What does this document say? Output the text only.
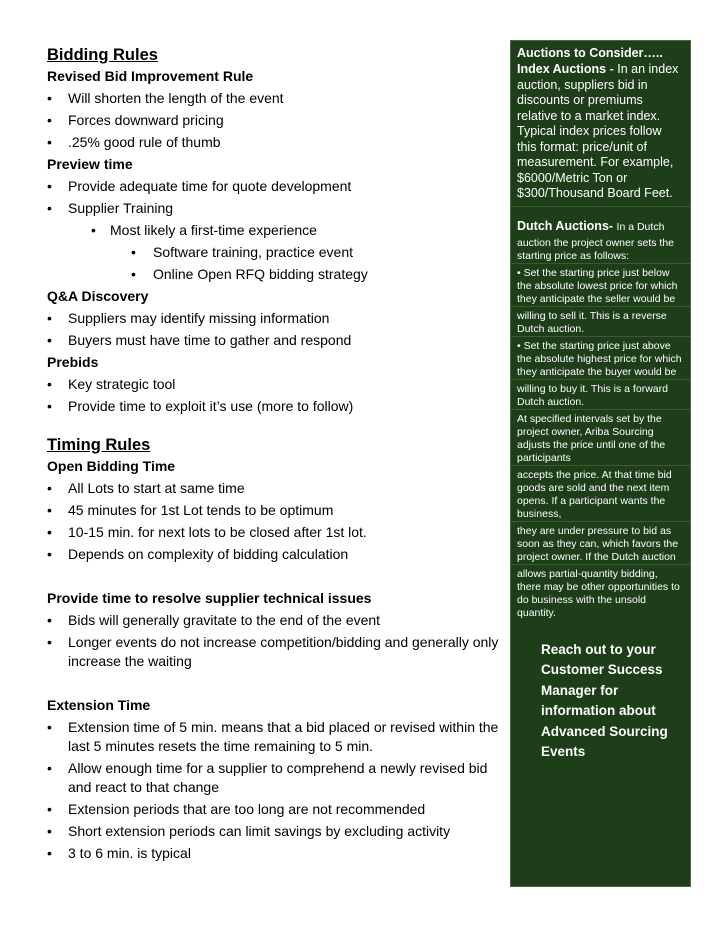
Bidding Rules
Revised Bid Improvement Rule
• Will shorten the length of the event
• Forces downward pricing
• .25% good rule of thumb
Preview time
• Provide adequate time for quote development
• Supplier Training
• Most likely a first-time experience
• Software training, practice event
• Online Open RFQ bidding strategy
Q&A Discovery
• Suppliers may identify missing information
• Buyers must have time to gather and respond
Prebids
• Key strategic tool
• Provide time to exploit it’s use (more to follow)
Timing Rules
Open Bidding Time
• All Lots to start at same time
• 45 minutes for 1st Lot tends to be optimum
• 10-15 min. for next lots to be closed after 1st lot.
• Depends on complexity of bidding calculation
Provide time to resolve supplier technical issues
• Bids will generally gravitate to the end of the event
• Longer events do not increase competition/bidding and generally only increase the waiting
Extension Time
• Extension time of 5 min. means that a bid placed or revised within the last 5 minutes resets the time remaining to 5 min.
• Allow enough time for a supplier to comprehend a newly revised bid and react to that change
• Extension periods that are too long are not recommended
• Short extension periods can limit savings by excluding activity
• 3 to 6 min. is typical
Auctions to Consider…..
Index Auctions - In an index auction, suppliers bid in discounts or premiums relative to a market index. Typical index prices follow this format: price/unit of measurement. For example, $6000/Metric Ton or $300/Thousand Board Feet.
Dutch Auctions- In a Dutch
auction the project owner sets the starting price as follows:
• Set the starting price just below the absolute lowest price for which they anticipate the seller would be
willing to sell it. This is a reverse Dutch auction.
• Set the starting price just above the absolute highest price for which they anticipate the buyer would be
willing to buy it. This is a forward Dutch auction.
At specified intervals set by the project owner, Ariba Sourcing adjusts the price until one of the participants
accepts the price. At that time bid goods are sold and the next item opens. If a participant wants the business,
they are under pressure to bid as soon as they can, which favors the project owner. If the Dutch auction
allows partial-quantity bidding, there may be other opportunities to do business with the unsold quantity.
Reach out to your Customer Success Manager for information about Advanced Sourcing Events
